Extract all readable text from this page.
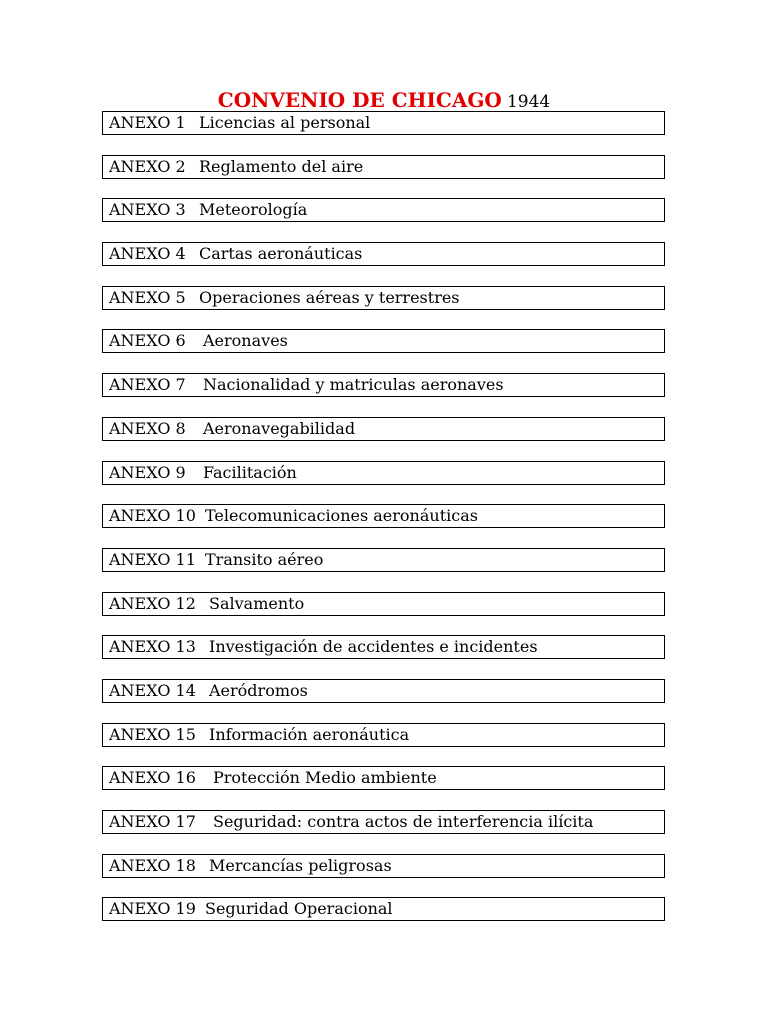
CONVENIO DE CHICAGO 1944
ANEXO 1 Licencias al personal
ANEXO 2 Reglamento del aire
ANEXO 3 Meteorología
ANEXO 4 Cartas aeronáuticas
ANEXO 5 Operaciones aéreas y terrestres
ANEXO 6 Aeronaves
ANEXO 7 Nacionalidad y matriculas aeronaves
ANEXO 8 Aeronavegabilidad
ANEXO 9 Facilitación
ANEXO 10 Telecomunicaciones aeronáuticas
ANEXO 11 Transito aéreo
ANEXO 12 Salvamento
ANEXO 13 Investigación de accidentes e incidentes
ANEXO 14 Aeródromos
ANEXO 15 Información aeronáutica
ANEXO 16 Protección Medio ambiente
ANEXO 17 Seguridad: contra actos de interferencia ilícita
ANEXO 18 Mercancías peligrosas
ANEXO 19 Seguridad Operacional
